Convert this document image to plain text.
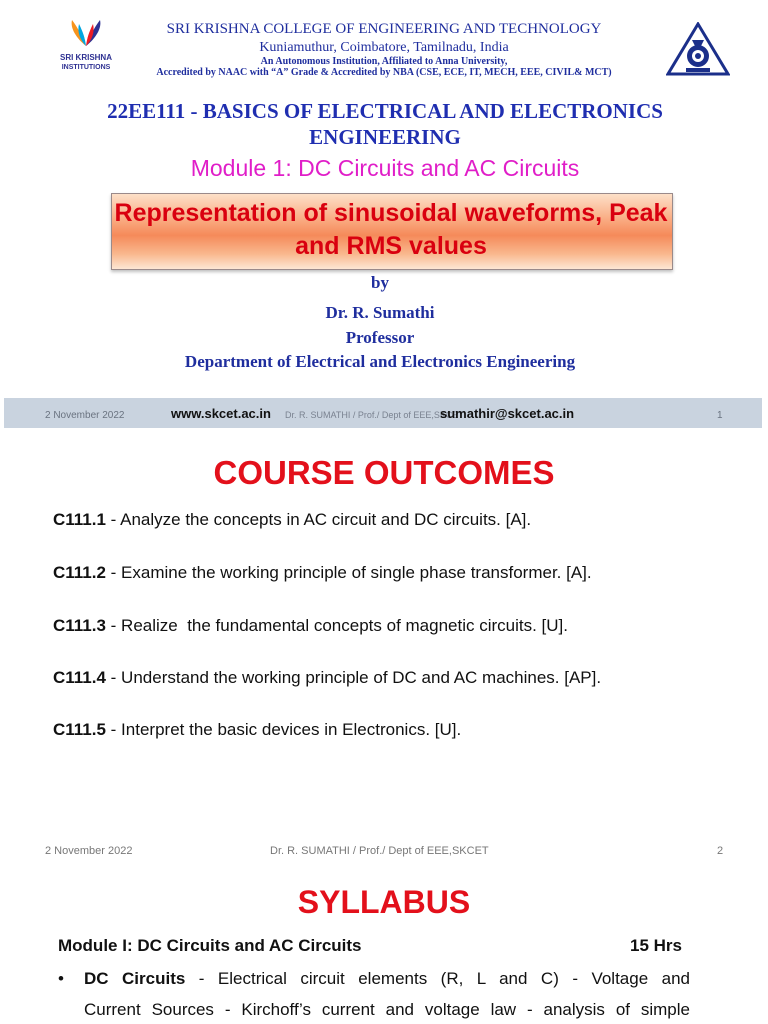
SRI KRISHNA
INSTITUTIONS
SRI KRISHNA COLLEGE OF ENGINEERING AND TECHNOLOGY
Kuniamuthur, Coimbatore, Tamilnadu, India
An Autonomous Institution, Affiliated to Anna University,
Accredited by NAAC with “A” Grade & Accredited by NBA (CSE, ECE, IT, MECH, EEE, CIVIL& MCT)
22EE111 - BASICS OF ELECTRICAL AND ELECTRONICS ENGINEERING
Module 1: DC Circuits and AC Circuits
Representation of sinusoidal waveforms, Peak and RMS values
by
Dr. R. Sumathi
Professor
Department of Electrical and Electronics Engineering
2 November 2022	Dr. R. SUMATHI / Prof./ Dept of EEE,SKCET
www.skcet.ac.in	sumathir@skcet.ac.in	1
COURSE OUTCOMES
C111.1 - Analyze the concepts in AC circuit and DC circuits. [A].
C111.2 - Examine the working principle of single phase transformer. [A].
C111.3 - Realize  the fundamental concepts of magnetic circuits. [U].
C111.4 - Understand the working principle of DC and AC machines. [AP].
C111.5 - Interpret the basic devices in Electronics. [U].
2 November 2022	Dr. R. SUMATHI / Prof./ Dept of EEE,SKCET	2
SYLLABUS
Module I: DC Circuits and AC Circuits	15 Hrs
• DC Circuits - Electrical circuit elements (R, L and C) - Voltage and
Current Sources - Kirchoff’s current and voltage law - analysis of simple
